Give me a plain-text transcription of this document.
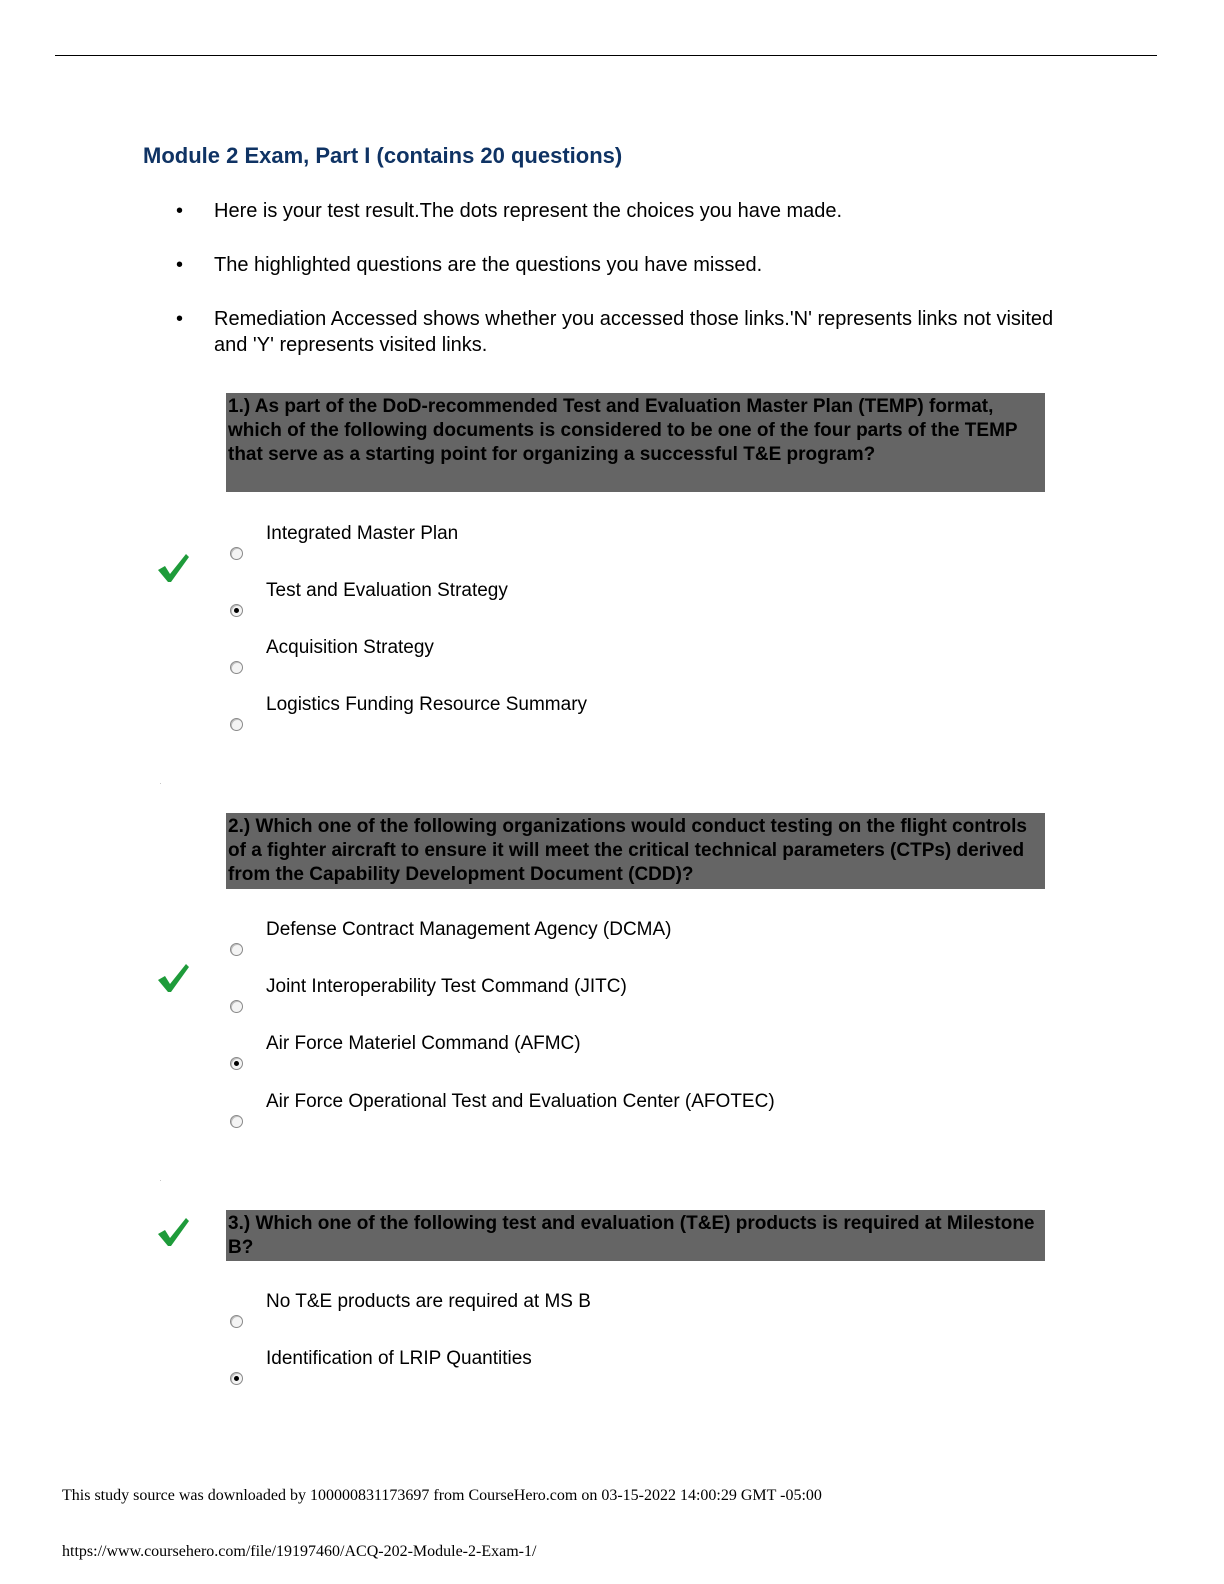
Module 2 Exam, Part I (contains 20 questions)
• Here is your test result.The dots represent the choices you have made.
• The highlighted questions are the questions you have missed.
• Remediation Accessed shows whether you accessed those links.'N' represents links not visited and 'Y' represents visited links.
1.) As part of the DoD-recommended Test and Evaluation Master Plan (TEMP) format, which of the following documents is considered to be one of the four parts of the TEMP that serve as a starting point for organizing a successful T&E program?
Integrated Master Plan
Test and Evaluation Strategy
Acquisition Strategy
Logistics Funding Resource Summary
2.) Which one of the following organizations would conduct testing on the flight controls of a fighter aircraft to ensure it will meet the critical technical parameters (CTPs) derived from the Capability Development Document (CDD)?
Defense Contract Management Agency (DCMA)
Joint Interoperability Test Command (JITC)
Air Force Materiel Command (AFMC)
Air Force Operational Test and Evaluation Center (AFOTEC)
3.) Which one of the following test and evaluation (T&E) products is required at Milestone B?
No T&E products are required at MS B
Identification of LRIP Quantities
This study source was downloaded by 100000831173697 from CourseHero.com on 03-15-2022 14:00:29 GMT -05:00
https://www.coursehero.com/file/19197460/ACQ-202-Module-2-Exam-1/
